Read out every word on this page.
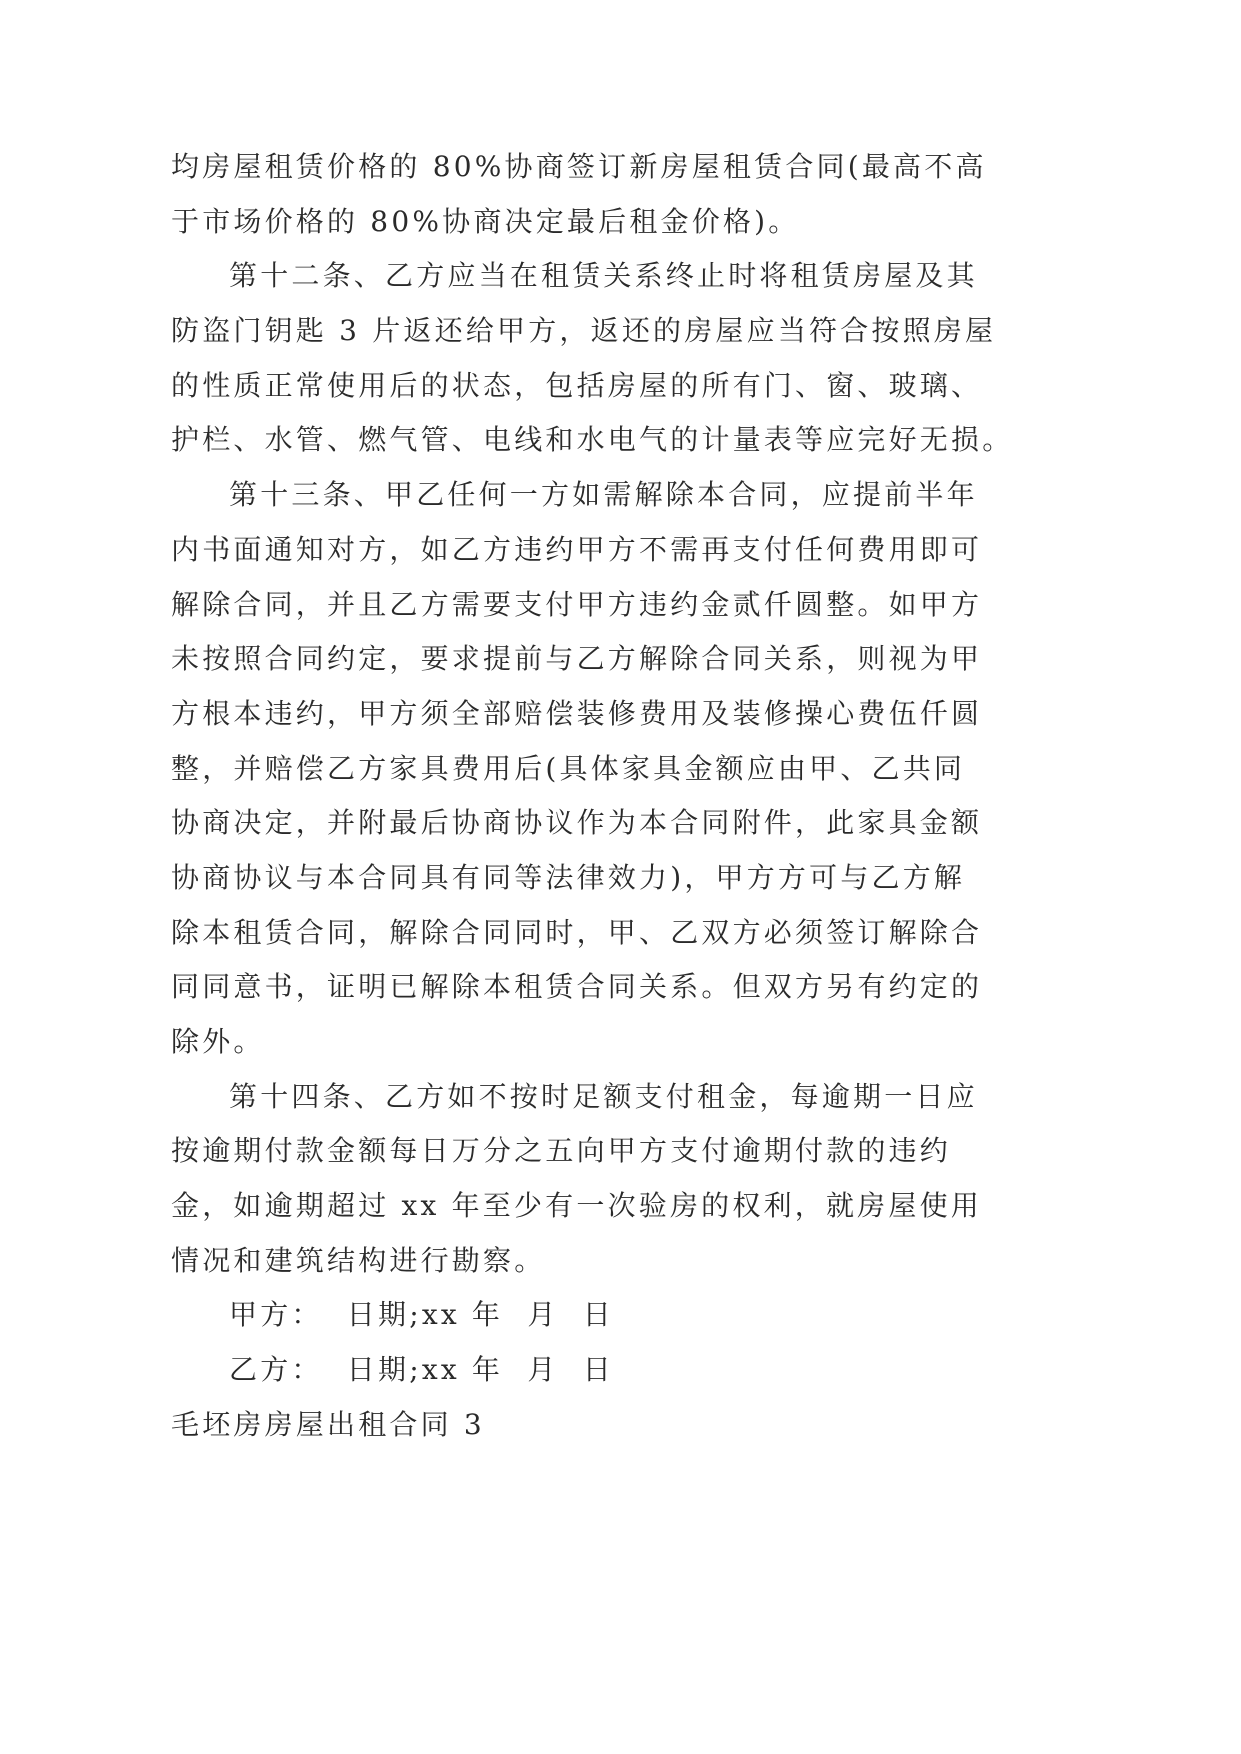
均房屋租赁价格的 80%协商签订新房屋租赁合同(最高不高
于市场价格的 80%协商决定最后租金价格)。
第十二条、乙方应当在租赁关系终止时将租赁房屋及其
防盗门钥匙 3 片返还给甲方，返还的房屋应当符合按照房屋
的性质正常使用后的状态，包括房屋的所有门、窗、玻璃、
护栏、水管、燃气管、电线和水电气的计量表等应完好无损。
第十三条、甲乙任何一方如需解除本合同，应提前半年
内书面通知对方，如乙方违约甲方不需再支付任何费用即可
解除合同，并且乙方需要支付甲方违约金贰仟圆整。如甲方
未按照合同约定，要求提前与乙方解除合同关系，则视为甲
方根本违约，甲方须全部赔偿装修费用及装修操心费伍仟圆
整，并赔偿乙方家具费用后(具体家具金额应由甲、乙共同
协商决定，并附最后协商协议作为本合同附件，此家具金额
协商协议与本合同具有同等法律效力)，甲方方可与乙方解
除本租赁合同，解除合同同时，甲、乙双方必须签订解除合
同同意书，证明已解除本租赁合同关系。但双方另有约定的
除外。
第十四条、乙方如不按时足额支付租金，每逾期一日应
按逾期付款金额每日万分之五向甲方支付逾期付款的违约
金，如逾期超过 xx 年至少有一次验房的权利，就房屋使用
情况和建筑结构进行勘察。
甲方：  日期;xx 年  月  日
乙方：  日期;xx 年  月  日
毛坯房房屋出租合同 3
